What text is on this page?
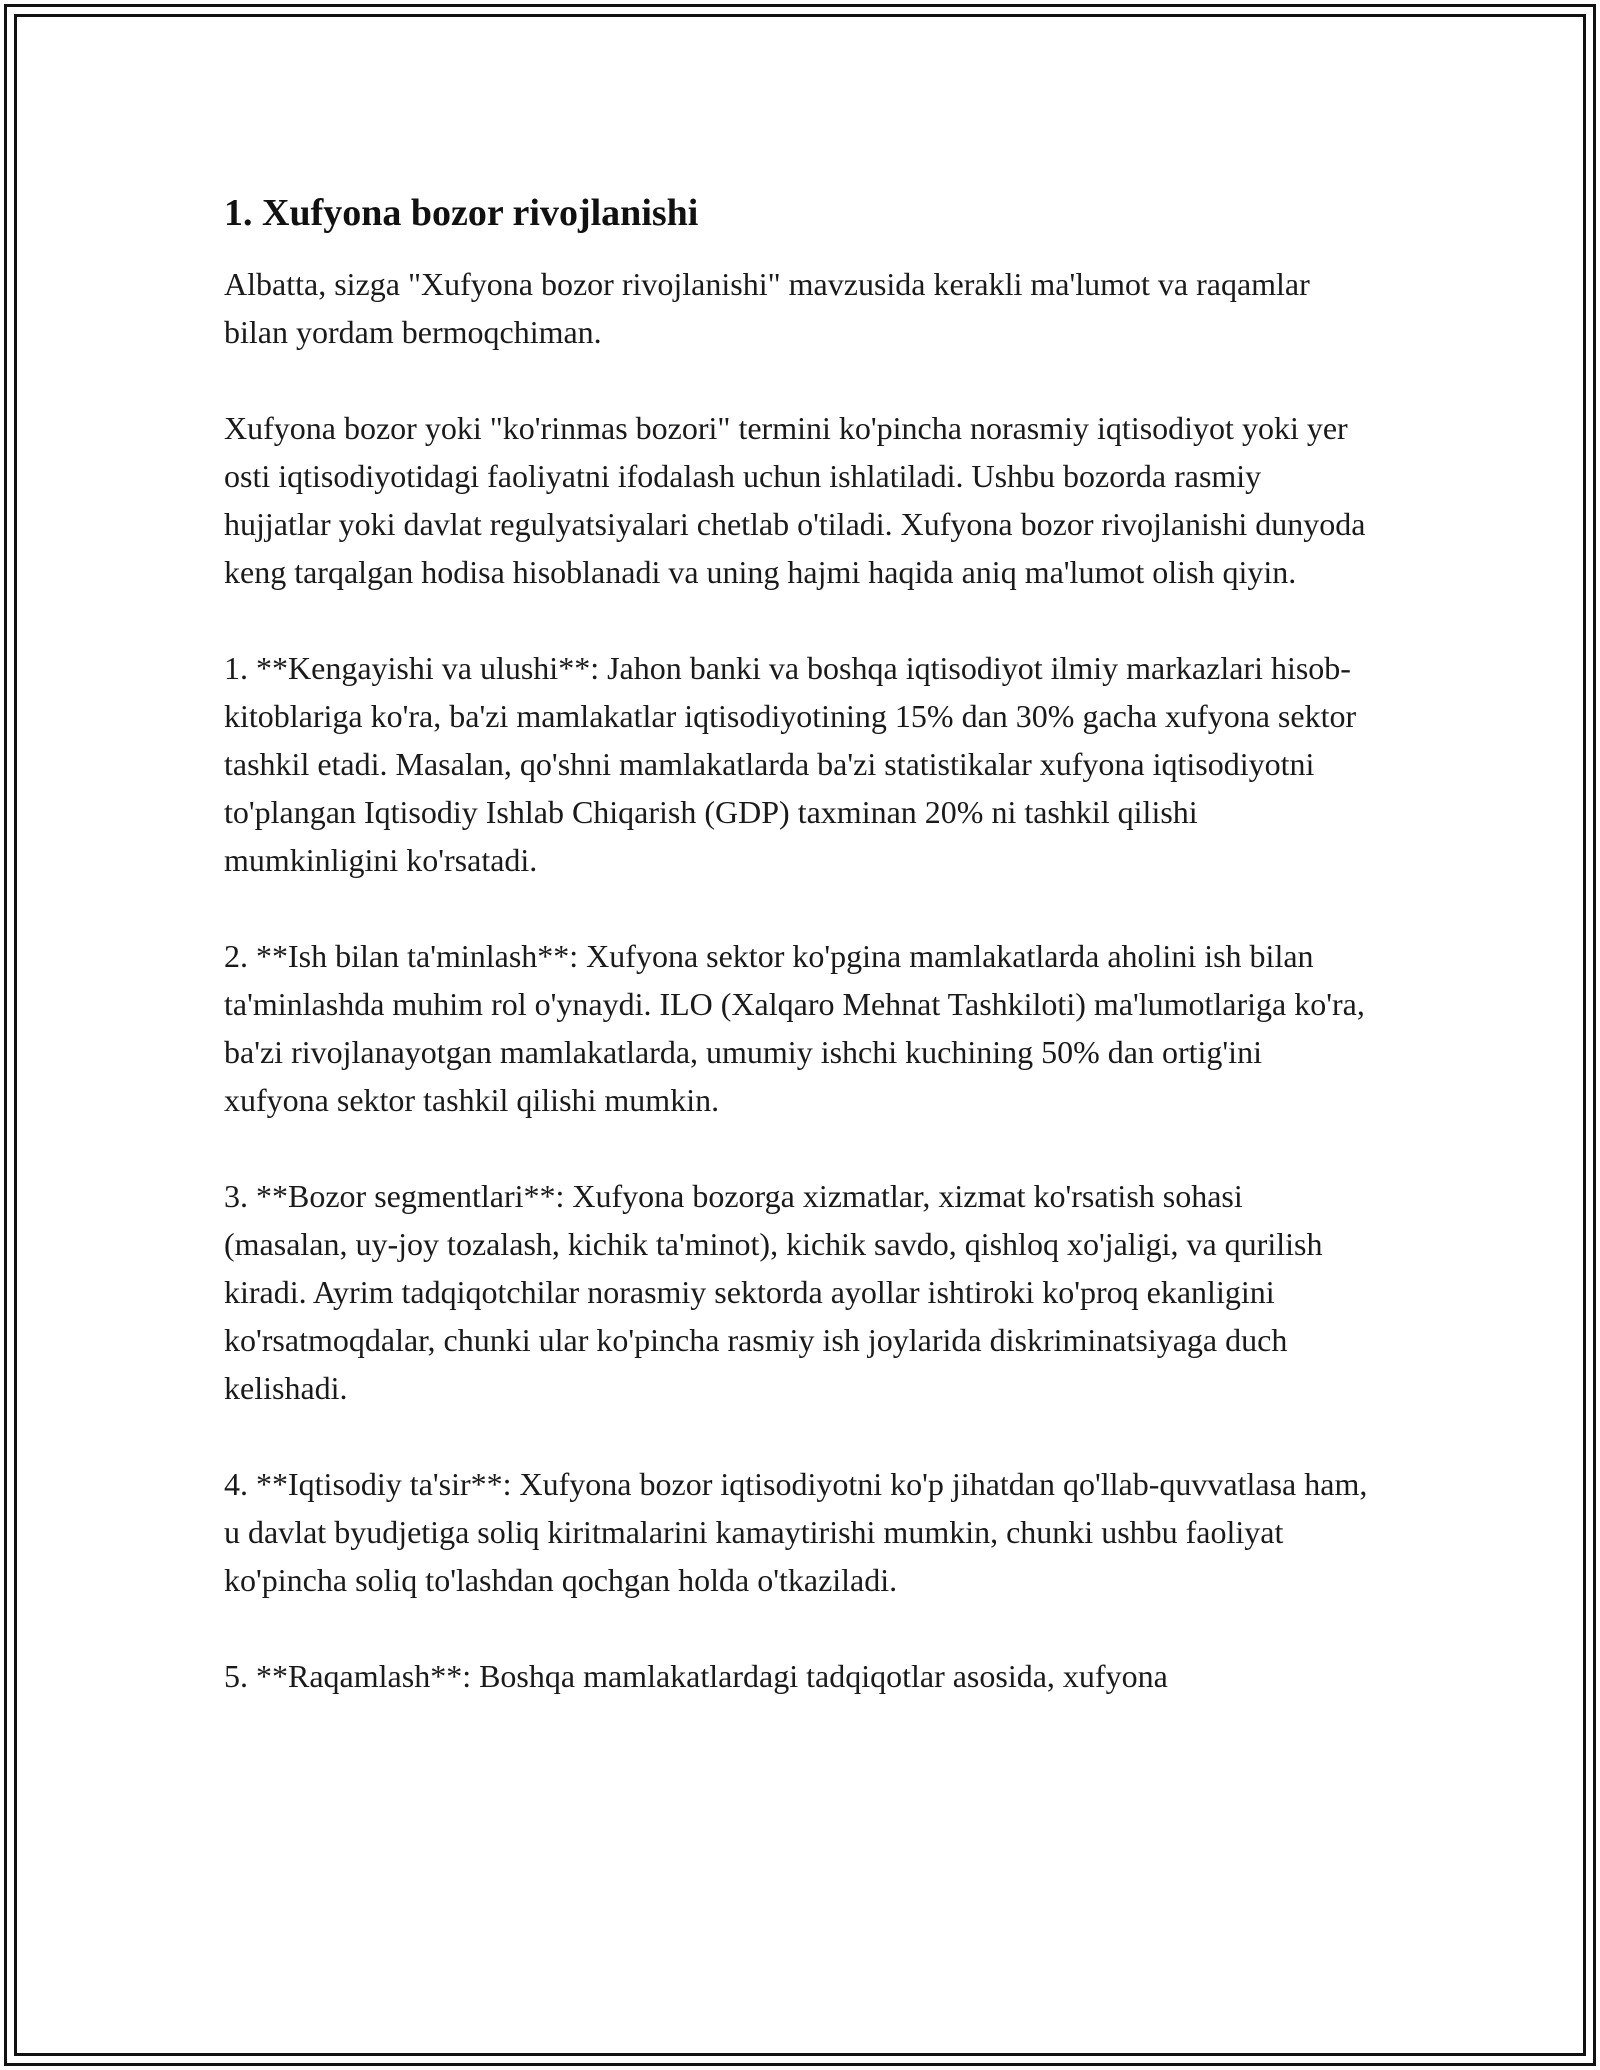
1. Xufyona bozor rivojlanishi

Albatta, sizga "Xufyona bozor rivojlanishi" mavzusida kerakli ma'lumot va raqamlar bilan yordam bermoqchiman.

Xufyona bozor yoki "ko'rinmas bozori" termini ko'pincha norasmiy iqtisodiyot yoki yer osti iqtisodiyotidagi faoliyatni ifodalash uchun ishlatiladi. Ushbu bozorda rasmiy hujjatlar yoki davlat regulyatsiyalari chetlab o'tiladi. Xufyona bozor rivojlanishi dunyoda keng tarqalgan hodisa hisoblanadi va uning hajmi haqida aniq ma'lumot olish qiyin.

1. **Kengayishi va ulushi**: Jahon banki va boshqa iqtisodiyot ilmiy markazlari hisob-kitoblariga ko'ra, ba'zi mamlakatlar iqtisodiyotining 15% dan 30% gacha xufyona sektor tashkil etadi. Masalan, qo'shni mamlakatlarda ba'zi statistikalar xufyona iqtisodiyotni to'plangan Iqtisodiy Ishlab Chiqarish (GDP) taxminan 20% ni tashkil qilishi mumkinligini ko'rsatadi.

2. **Ish bilan ta'minlash**: Xufyona sektor ko'pgina mamlakatlarda aholini ish bilan ta'minlashda muhim rol o'ynaydi. ILO (Xalqaro Mehnat Tashkiloti) ma'lumotlariga ko'ra, ba'zi rivojlanayotgan mamlakatlarda, umumiy ishchi kuchining 50% dan ortig'ini xufyona sektor tashkil qilishi mumkin.

3. **Bozor segmentlari**: Xufyona bozorga xizmatlar, xizmat ko'rsatish sohasi (masalan, uy-joy tozalash, kichik ta'minot), kichik savdo, qishloq xo'jaligi, va qurilish kiradi. Ayrim tadqiqotchilar norasmiy sektorda ayollar ishtiroki ko'proq ekanligini ko'rsatmoqdalar, chunki ular ko'pincha rasmiy ish joylarida diskriminatsiyaga duch kelishadi.

4. **Iqtisodiy ta'sir**: Xufyona bozor iqtisodiyotni ko'p jihatdan qo'llab-quvvatlasa ham, u davlat byudjetiga soliq kiritmalarini kamaytirishi mumkin, chunki ushbu faoliyat ko'pincha soliq to'lashdan qochgan holda o'tkaziladi.

5. **Raqamlash**: Boshqa mamlakatlardagi tadqiqotlar asosida, xufyona
